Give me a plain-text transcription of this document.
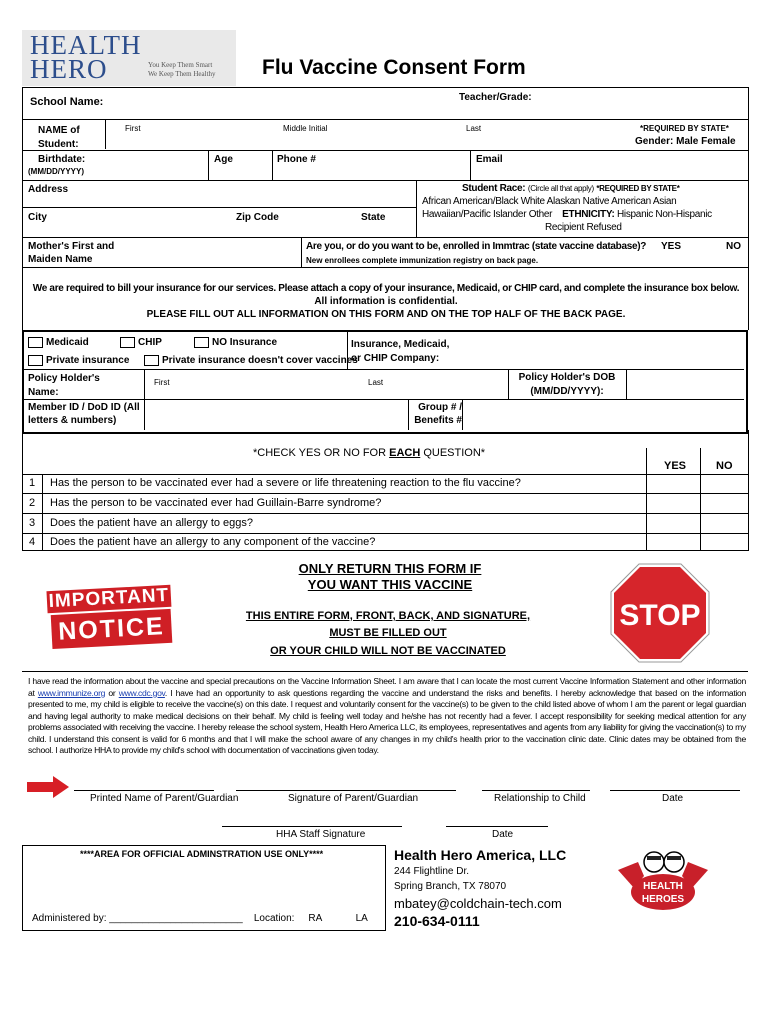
HEALTH
HERO	You Keep Them Smart
We Keep Them Healthy Flu Vaccine Consent Form
School Name:	Teacher/Grade:
NAME of Student:
First	Middle Initial	Last	*REQUIRED BY STATE*
Gender: Male Female
Birthdate:
(MM/DD/YYYY)
Age	Phone #	Email
Address
City	Zip Code	State
Student Race: (Circle all that apply) *REQUIRED BY STATE*
African American/Black White Alaskan Native American Asian
Hawaiian/Pacific Islander Other ETHNICITY: Hispanic Non-Hispanic
Recipient Refused
Mother's First and Maiden Name
Are you, or do you want to be, enrolled in Immtrac (state vaccine database)? YES	NO
New enrollees complete immunization registry on back page.
We are required to bill your insurance for our services. Please attach a copy of your insurance, Medicaid, or CHIP card, and complete the insurance box below.
All information is confidential.
PLEASE FILL OUT ALL INFORMATION ON THIS FORM AND ON THE TOP HALF OF THE BACK PAGE.
Medicaid	CHIP	NO Insurance
Private insurance	Private insurance doesn't cover vaccines
Insurance, Medicaid, or CHIP Company:
Policy Holder's Name:
First	Last	Policy Holder's DOB (MM/DD/YYYY):
Member ID / DoD ID (All letters & numbers)
Group # / Benefits #
*CHECK YES OR NO FOR EACH QUESTION*
YES	NO
1 Has the person to be vaccinated ever had a severe or life threatening reaction to the flu vaccine?
2 Has the person to be vaccinated ever had Guillain-Barre syndrome?
3 Does the patient have an allergy to eggs?
4 Does the patient have an allergy to any component of the vaccine?
IMPORTANT
NOTICE
ONLY RETURN THIS FORM IF
YOU WANT THIS VACCINE
THIS ENTIRE FORM, FRONT, BACK, AND SIGNATURE,
MUST BE FILLED OUT
OR YOUR CHILD WILL NOT BE VACCINATED
STOP
I have read the information about the vaccine and special precautions on the Vaccine Information Sheet. I am aware that I can locate the most current Vaccine Information Statement and other information at www.immunize.org or www.cdc.gov. I have had an opportunity to ask questions regarding the vaccine and understand the risks and benefits. I hereby acknowledge that based on the information presented to me, my child is eligible to receive the vaccine(s) on this date. I request and voluntarily consent for the vaccine(s) to be given to the child listed above of whom I am the parent or legal guardian and having legal authority to make medical decisions on their behalf. My child is feeling well today and he/she has not recently had a fever. I accept responsibility for seeking medical attention for any problems associated with receiving the vaccine. I hereby release the school system, Health Hero America LLC, its employees, representatives and agents from any liability for giving the vaccination(s) to my child. I understand this consent is valid for 6 months and that I will make the school aware of any changes in my child's health prior to the vaccination clinic date. Clinic dates may be obtained from the school. I authorize HHA to provide my child's school with documentation of vaccinations given today.
Printed Name of Parent/Guardian	Signature of Parent/Guardian	Relationship to Child	Date
HHA Staff Signature	Date
****AREA FOR OFFICIAL ADMINSTRATION USE ONLY****
Administered by: ________________________ Location: RA	LA
Health Hero America, LLC
244 Flightline Dr.
Spring Branch, TX 78070
mbatey@coldchain-tech.com
210-634-0111
HEALTH
HEROES
